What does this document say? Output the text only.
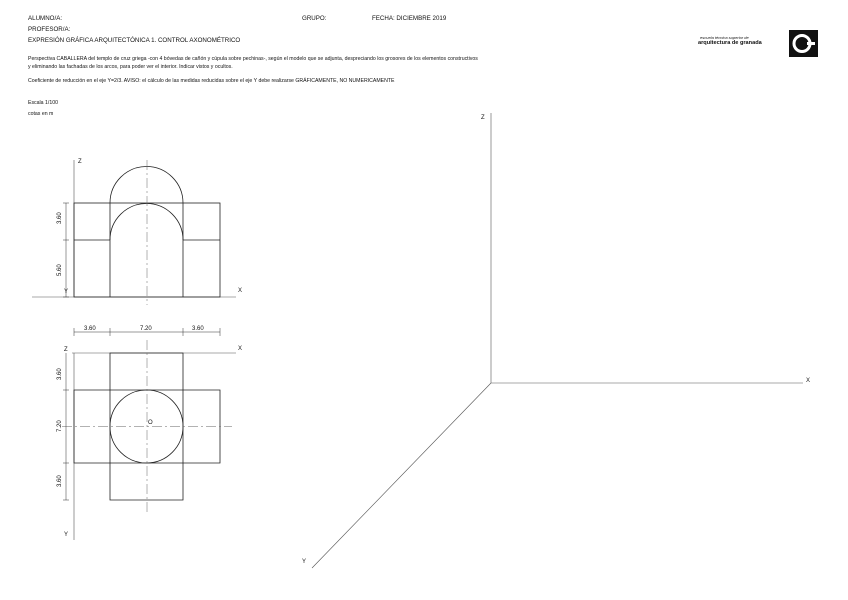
ALUMNO/A:	GRUPO:	FECHA: DICIEMBRE 2019
PROFESOR/A:
EXPRESIÓN GRÁFICA ARQUITECTÓNICA 1. CONTROL AXONOMÉTRICO
Perspectiva CABALLERA del templo de cruz griega -con 4 bóvedas de cañón y cúpula sobre pechinas-, según el modelo que se adjunta, despreciando los grosores de los elementos constructivos
y eliminando las fachadas de los arcos, para poder ver el interior. Indicar vistos y ocultos.
Coeficiente de reducción en el eje Y=2/3. AVISO: el cálculo de las medidas reducidas sobre el eje Y debe realizarse GRÁFICAMENTE, NO NUMERICAMENTE
Escala 1/100
cotas en m
escuela técnica superior de
arquitectura de granada
Z
X
Y
3.60
5.60
3.60	7.20	3.60
Z	X
Y
O
3.60
7.20
3.60
Z
X
Y
